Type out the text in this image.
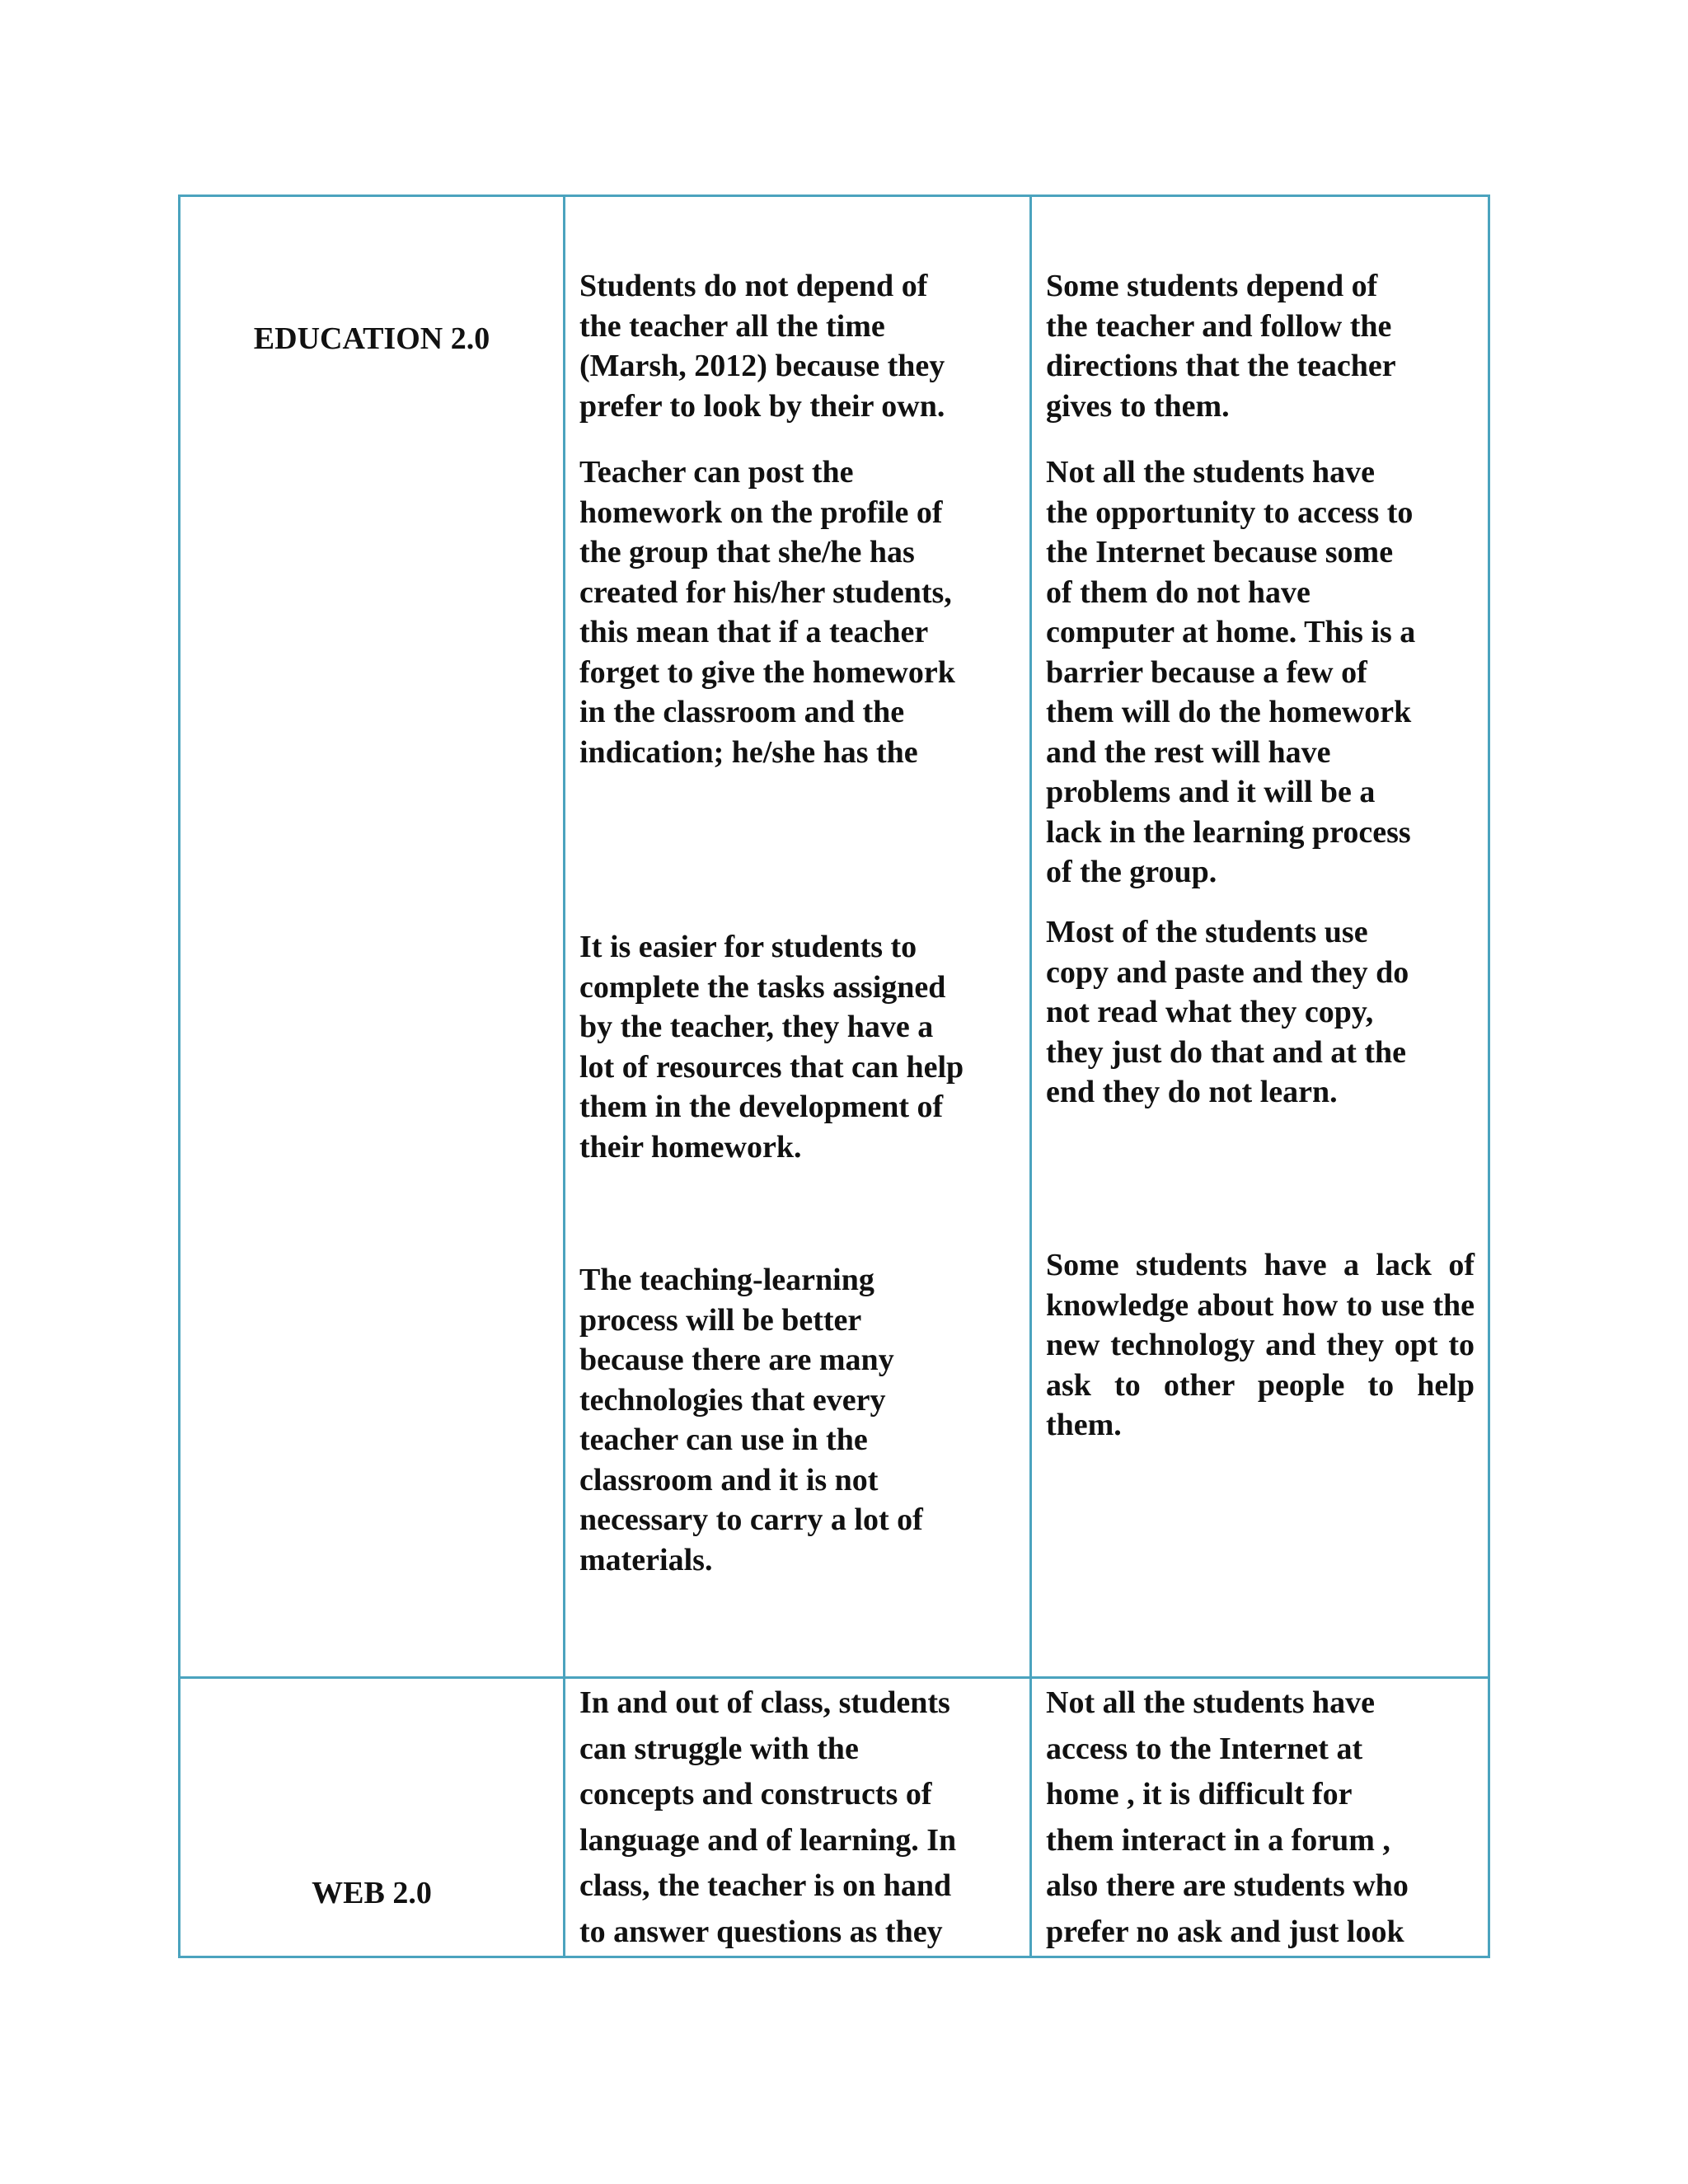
EDUCATION 2.0
Students do not depend of
the teacher all the time
(Marsh, 2012) because they
prefer to look by their own.
Teacher can post the
homework on the profile of
the group that she/he has
created for his/her students,
this mean that if a teacher
forget to give the homework
in the classroom and the
indication; he/she has the
It is easier for students to
complete the tasks assigned
by the teacher, they have a
lot of resources that can help
them in the development of
their homework.
The teaching-learning
process will be better
because there are many
technologies that every
teacher can use in the
classroom and it is not
necessary to carry a lot of
materials.
Some students depend of
the teacher and follow the
directions that the teacher
gives to them.
Not all the students have
the opportunity to access to
the Internet because some
of them do not have
computer at home. This is a
barrier because a few of
them will do the homework
and the rest will have
problems and it will be a
lack in the learning process
of the group.
Most of the students use
copy and paste and they do
not read what they copy,
they just do that and at the
end they do not learn.
Some students have a lack of knowledge about how to use the new technology and they opt to ask to other people to help them.
WEB 2.0
In and out of class, students
can struggle with the
concepts and constructs of
language and of learning. In
class, the teacher is on hand
to answer questions as they
Not all the students have
access to the Internet at
home , it is difficult for
them interact in a forum ,
also there are students who
prefer no ask and just look
